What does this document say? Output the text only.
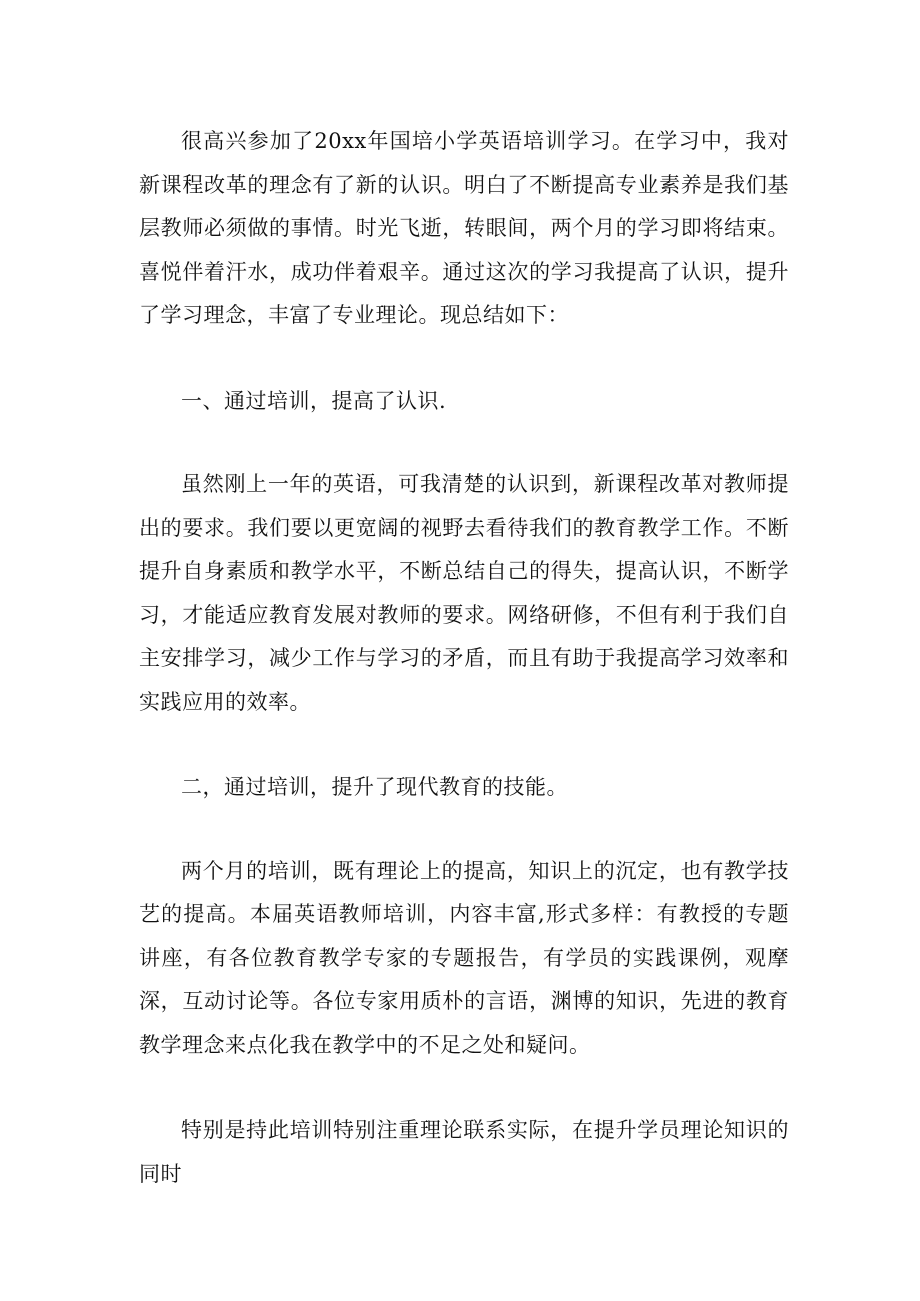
很高兴参加了20xx年国培小学英语培训学习。在学习中，我对新课程改革的理念有了新的认识。明白了不断提高专业素养是我们基层教师必须做的事情。时光飞逝，转眼间，两个月的学习即将结束。喜悦伴着汗水，成功伴着艰辛。通过这次的学习我提高了认识，提升了学习理念，丰富了专业理论。现总结如下：

一、通过培训，提高了认识.

虽然刚上一年的英语，可我清楚的认识到，新课程改革对教师提出的要求。我们要以更宽阔的视野去看待我们的教育教学工作。不断提升自身素质和教学水平，不断总结自己的得失，提高认识，不断学习，才能适应教育发展对教师的要求。网络研修，不但有利于我们自主安排学习，减少工作与学习的矛盾，而且有助于我提高学习效率和实践应用的效率。

二，通过培训，提升了现代教育的技能。

两个月的培训，既有理论上的提高，知识上的沉定，也有教学技艺的提高。本届英语教师培训，内容丰富,形式多样：有教授的专题讲座，有各位教育教学专家的专题报告，有学员的实践课例，观摩深，互动讨论等。各位专家用质朴的言语，渊博的知识，先进的教育教学理念来点化我在教学中的不足之处和疑问。

特别是持此培训特别注重理论联系实际，在提升学员理论知识的同时
